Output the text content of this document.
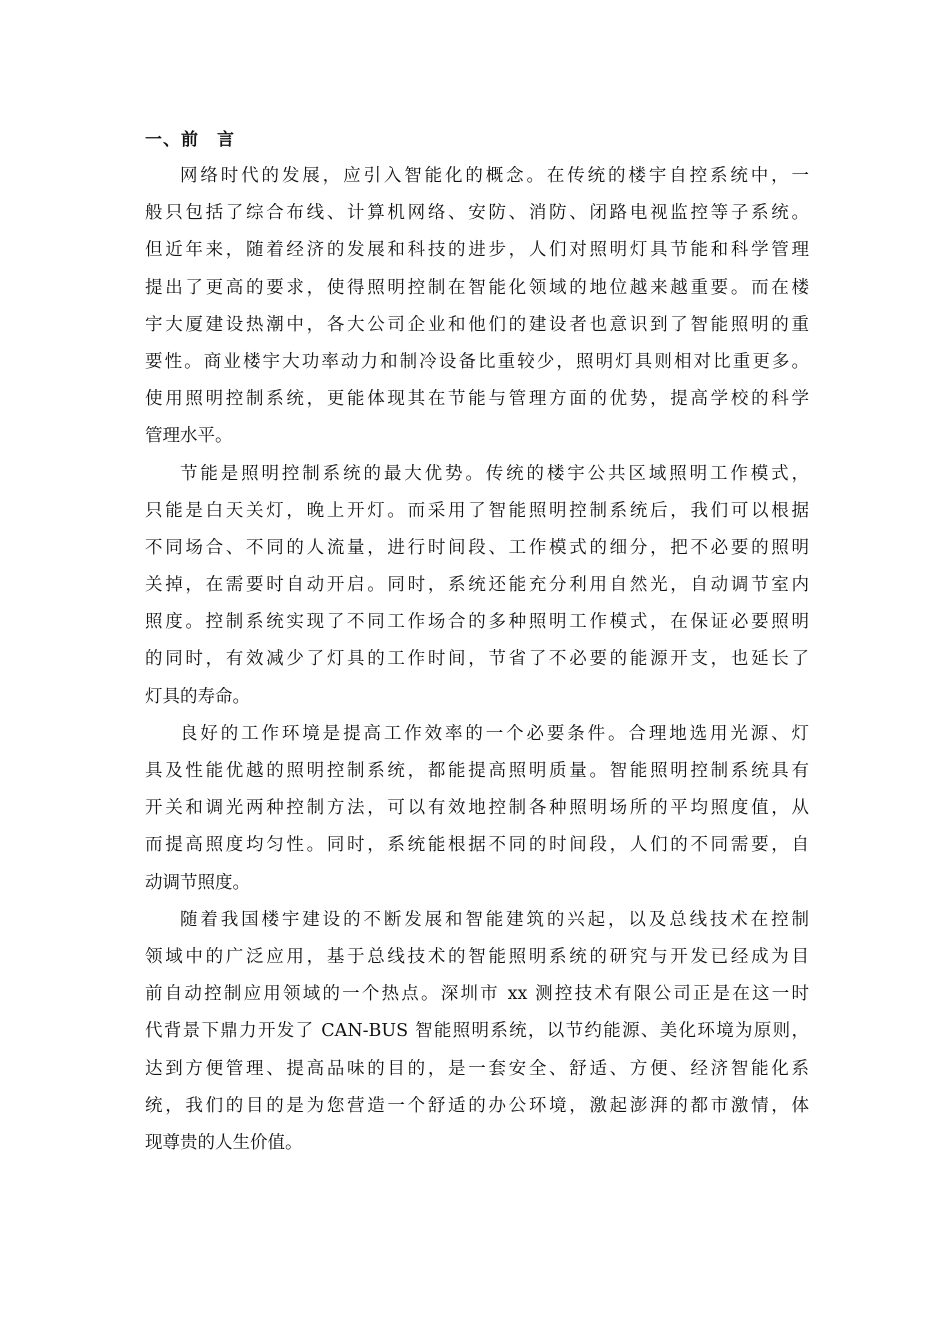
一、前　言
网络时代的发展，应引入智能化的概念。在传统的楼宇自控系统中，一
般只包括了综合布线、计算机网络、安防、消防、闭路电视监控等子系统。
但近年来，随着经济的发展和科技的进步，人们对照明灯具节能和科学管理
提出了更高的要求，使得照明控制在智能化领域的地位越来越重要。而在楼
宇大厦建设热潮中，各大公司企业和他们的建设者也意识到了智能照明的重
要性。商业楼宇大功率动力和制冷设备比重较少，照明灯具则相对比重更多。
使用照明控制系统，更能体现其在节能与管理方面的优势，提高学校的科学
管理水平。
节能是照明控制系统的最大优势。传统的楼宇公共区域照明工作模式，
只能是白天关灯，晚上开灯。而采用了智能照明控制系统后，我们可以根据
不同场合、不同的人流量，进行时间段、工作模式的细分，把不必要的照明
关掉，在需要时自动开启。同时，系统还能充分利用自然光，自动调节室内
照度。控制系统实现了不同工作场合的多种照明工作模式，在保证必要照明
的同时，有效减少了灯具的工作时间，节省了不必要的能源开支，也延长了
灯具的寿命。
良好的工作环境是提高工作效率的一个必要条件。合理地选用光源、灯
具及性能优越的照明控制系统，都能提高照明质量。智能照明控制系统具有
开关和调光两种控制方法，可以有效地控制各种照明场所的平均照度值，从
而提高照度均匀性。同时，系统能根据不同的时间段，人们的不同需要，自
动调节照度。
随着我国楼宇建设的不断发展和智能建筑的兴起，以及总线技术在控制
领域中的广泛应用，基于总线技术的智能照明系统的研究与开发已经成为目
前自动控制应用领域的一个热点。深圳市 xx 测控技术有限公司正是在这一时
代背景下鼎力开发了 CAN-BUS 智能照明系统，以节约能源、美化环境为原则，
达到方便管理、提高品味的目的，是一套安全、舒适、方便、经济智能化系
统，我们的目的是为您营造一个舒适的办公环境，激起澎湃的都市激情，体
现尊贵的人生价值。
